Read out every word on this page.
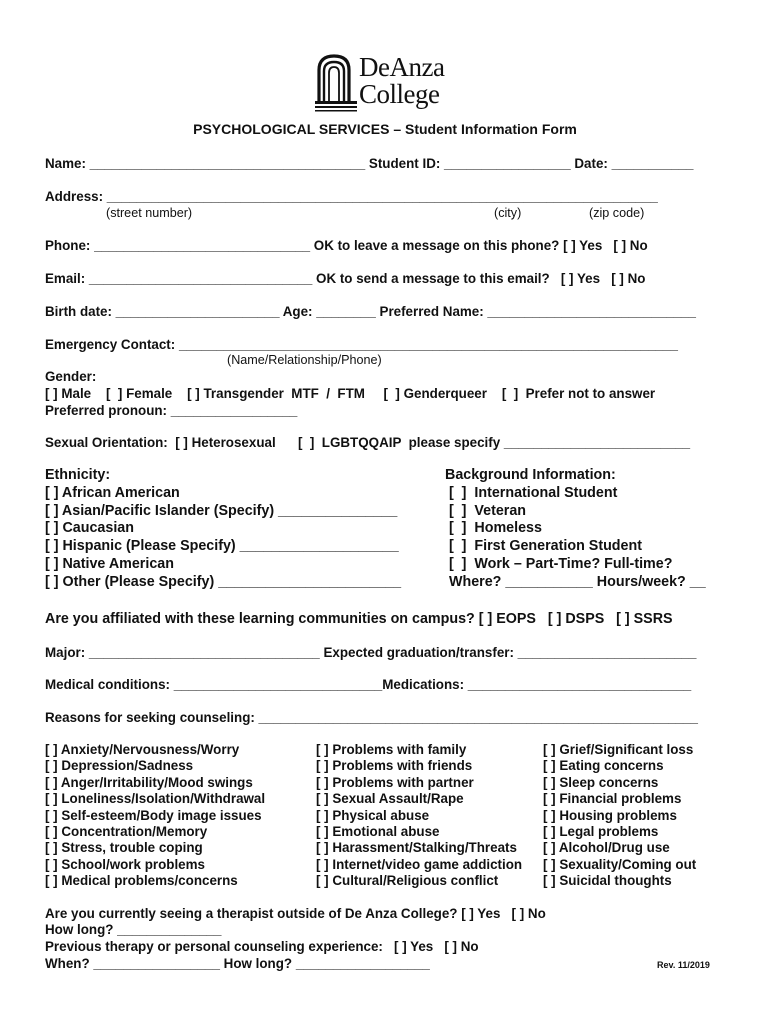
DeAnza
College
PSYCHOLOGICAL SERVICES – Student Information Form
Name: _____________________________________ Student ID: _________________ Date: ___________
Address: __________________________________________________________________________
(street number)	(city)	(zip code)
Phone: _____________________________ OK to leave a message on this phone? [ ] Yes   [ ] No
Email: ______________________________ OK to send a message to this email?   [ ] Yes   [ ] No
Birth date: ______________________ Age: ________ Preferred Name: ____________________________
Emergency Contact: ___________________________________________________________________
(Name/Relationship/Phone)
Gender:
[ ] Male    [  ] Female    [ ] Transgender  MTF  /  FTM     [  ] Genderqueer    [  ]  Prefer not to answer
Preferred pronoun: _________________
Sexual Orientation:  [ ] Heterosexual      [  ]  LGBTQQAIP  please specify _________________________
Ethnicity:
[ ] African American
[ ] Asian/Pacific Islander (Specify) _______________
[ ] Caucasian
[ ] Hispanic (Please Specify) ____________________
[ ] Native American
[ ] Other (Please Specify) _______________________
Background Information:
[  ]  International Student
[  ]  Veteran
[  ]  Homeless
[  ]  First Generation Student
[  ]  Work – Part-Time? Full-time?
Where? ___________ Hours/week? __
Are you affiliated with these learning communities on campus? [ ] EOPS   [ ] DSPS   [ ] SSRS
Major: _______________________________ Expected graduation/transfer: ________________________
Medical conditions: ____________________________Medications: ______________________________
Reasons for seeking counseling: ___________________________________________________________
[ ] Anxiety/Nervousness/Worry
[ ] Depression/Sadness
[ ] Anger/Irritability/Mood swings
[ ] Loneliness/Isolation/Withdrawal
[ ] Self-esteem/Body image issues
[ ] Concentration/Memory
[ ] Stress, trouble coping
[ ] School/work problems
[ ] Medical problems/concerns
[ ] Problems with family
[ ] Problems with friends
[ ] Problems with partner
[ ] Sexual Assault/Rape
[ ] Physical abuse
[ ] Emotional abuse
[ ] Harassment/Stalking/Threats
[ ] Internet/video game addiction
[ ] Cultural/Religious conflict
[ ] Grief/Significant loss
[ ] Eating concerns
[ ] Sleep concerns
[ ] Financial problems
[ ] Housing problems
[ ] Legal problems
[ ] Alcohol/Drug use
[ ] Sexuality/Coming out
[ ] Suicidal thoughts
Are you currently seeing a therapist outside of De Anza College? [ ] Yes   [ ] No
How long? ______________
Previous therapy or personal counseling experience:   [ ] Yes   [ ] No
When? _________________ How long? __________________	Rev. 11/2019
